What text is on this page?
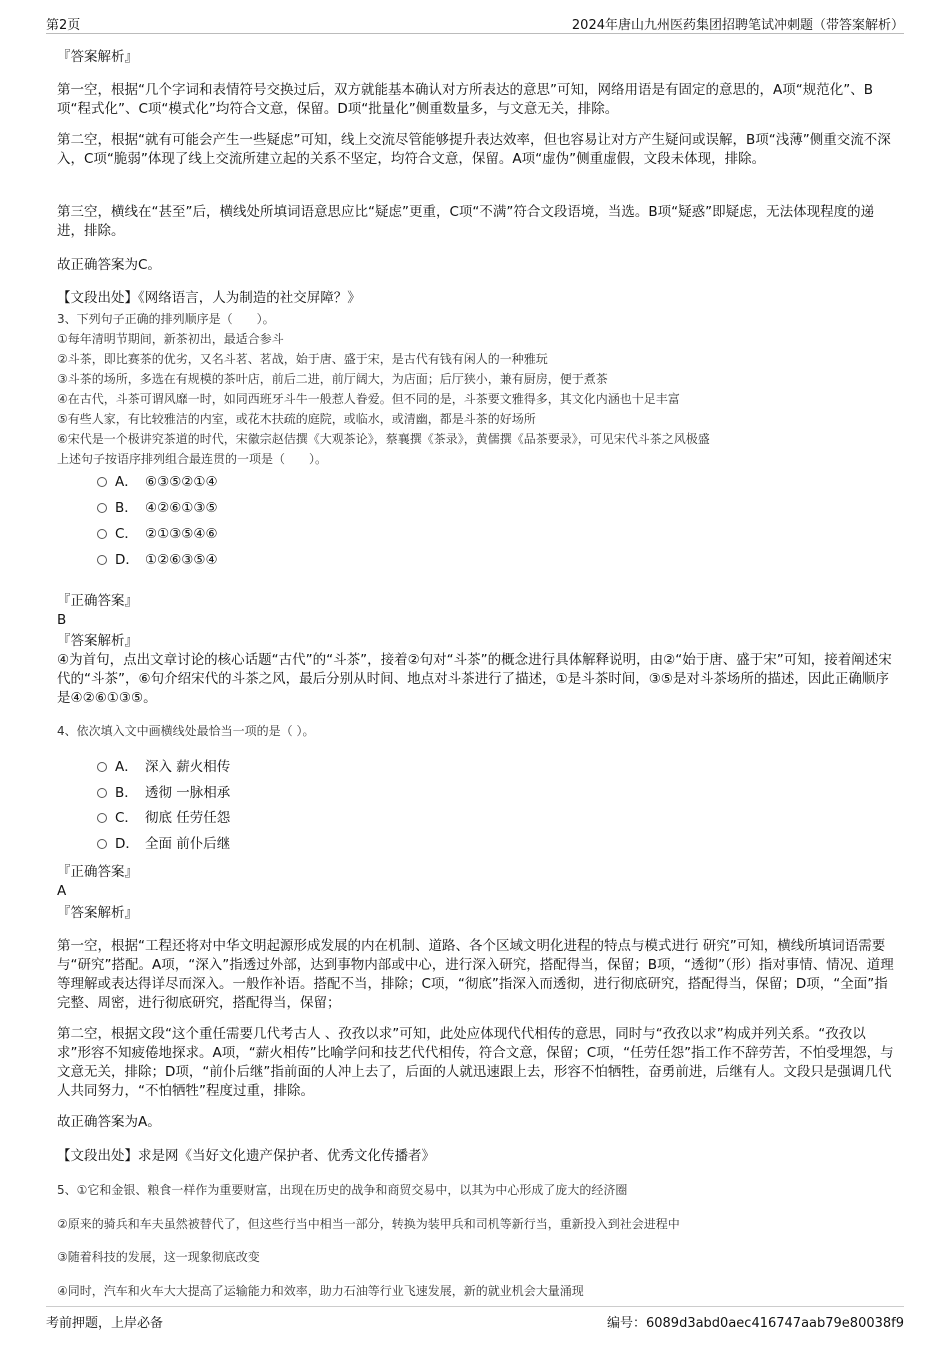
第2页	2024年唐山九州医药集团招聘笔试冲刺题（带答案解析）
『答案解析』

第一空，根据“几个字词和表情符号交换过后，双方就能基本确认对方所表达的意思”可知，网络用语是有固定的意思的，A项“规范化”、B项“程式化”、C项“模式化”均符合文意，保留。D项“批量化”侧重数量多，与文意无关，排除。

第二空，根据“就有可能会产生一些疑虑”可知，线上交流尽管能够提升表达效率，但也容易让对方产生疑问或误解，B项“浅薄”侧重交流不深入，C项“脆弱”体现了线上交流所建立起的关系不坚定，均符合文意，保留。A项“虚伪”侧重虚假，文段未体现，排除。

第三空，横线在“甚至”后，横线处所填词语意思应比“疑虑”更重，C项“不满”符合文段语境，当选。B项“疑惑”即疑虑，无法体现程度的递进，排除。

故正确答案为C。

【文段出处】《网络语言，人为制造的社交屏障？》

3、下列句子正确的排列顺序是（　　）。

①每年清明节期间，新茶初出，最适合参斗

②斗茶，即比赛茶的优劣，又名斗茗、茗战，始于唐、盛于宋，是古代有钱有闲人的一种雅玩

③斗茶的场所，多选在有规模的茶叶店，前后二进，前厅阔大，为店面；后厅狭小，兼有厨房，便于煮茶

④在古代，斗茶可谓风靡一时，如同西班牙斗牛一般惹人眷爱。但不同的是，斗茶要文雅得多，其文化内涵也十足丰富

⑤有些人家，有比较雅洁的内室，或花木扶疏的庭院，或临水，或清幽，都是斗茶的好场所

⑥宋代是一个极讲究茶道的时代，宋徽宗赵佶撰《大观茶论》，蔡襄撰《茶录》，黄儒撰《品茶要录》，可见宋代斗茶之风极盛

上述句子按语序排列组合最连贯的一项是（　　）。

A． ⑥③⑤②①④
B． ④②⑥①③⑤
C． ②①③⑤④⑥
D． ①②⑥③⑤④
『正确答案』
B
『答案解析』

④为首句，点出文章讨论的核心话题“古代”的“斗茶”，接着②句对“斗茶”的概念进行具体解释说明，由②“始于唐、盛于宋”可知，接着阐述宋代的“斗茶”，⑥句介绍宋代的斗茶之风，最后分别从时间、地点对斗茶进行了描述，①是斗茶时间，③⑤是对斗茶场所的描述，因此正确顺序是④②⑥①③⑤。

4、依次填入文中画横线处最恰当一项的是（ ）。

A． 深入 薪火相传
B． 透彻 一脉相承
C． 彻底 任劳任怨
D． 全面 前仆后继
『正确答案』
A
『答案解析』

第一空，根据“工程还将对中华文明起源形成发展的内在机制、道路、各个区域文明化进程的特点与模式进行 研究”可知，横线所填词语需要与“研究”搭配。A项，“深入”指透过外部，达到事物内部或中心，进行深入研究，搭配得当，保留；B项，“透彻”（形）指对事情、情况、道理等理解或表达得详尽而深入。一般作补语。搭配不当，排除；C项，“彻底”指深入而透彻，进行彻底研究，搭配得当，保留；D项，“全面”指完整、周密，进行彻底研究，搭配得当，保留；

第二空，根据文段“这个重任需要几代考古人 、孜孜以求”可知，此处应体现代代相传的意思，同时与“孜孜以求”构成并列关系。“孜孜以求”形容不知疲倦地探求。A项，“薪火相传”比喻学问和技艺代代相传，符合文意，保留；C项，“任劳任怨”指工作不辞劳苦，不怕受埋怨，与文意无关，排除；D项，“前仆后继”指前面的人冲上去了，后面的人就迅速跟上去，形容不怕牺牲，奋勇前进，后继有人。文段只是强调几代人共同努力，“不怕牺牲”程度过重，排除。

故正确答案为A。

【文段出处】求是网《当好文化遗产保护者、优秀文化传播者》

5、①它和金银、粮食一样作为重要财富，出现在历史的战争和商贸交易中，以其为中心形成了庞大的经济圈

②原来的骑兵和车夫虽然被替代了，但这些行当中相当一部分，转换为装甲兵和司机等新行当，重新投入到社会进程中

③随着科技的发展，这一现象彻底改变

④同时，汽车和火车大大提高了运输能力和效率，助力石油等行业飞速发展，新的就业机会大量涌现

考前押题，上岸必备	编号：6089d3abd0aec416747aab79e80038f9
